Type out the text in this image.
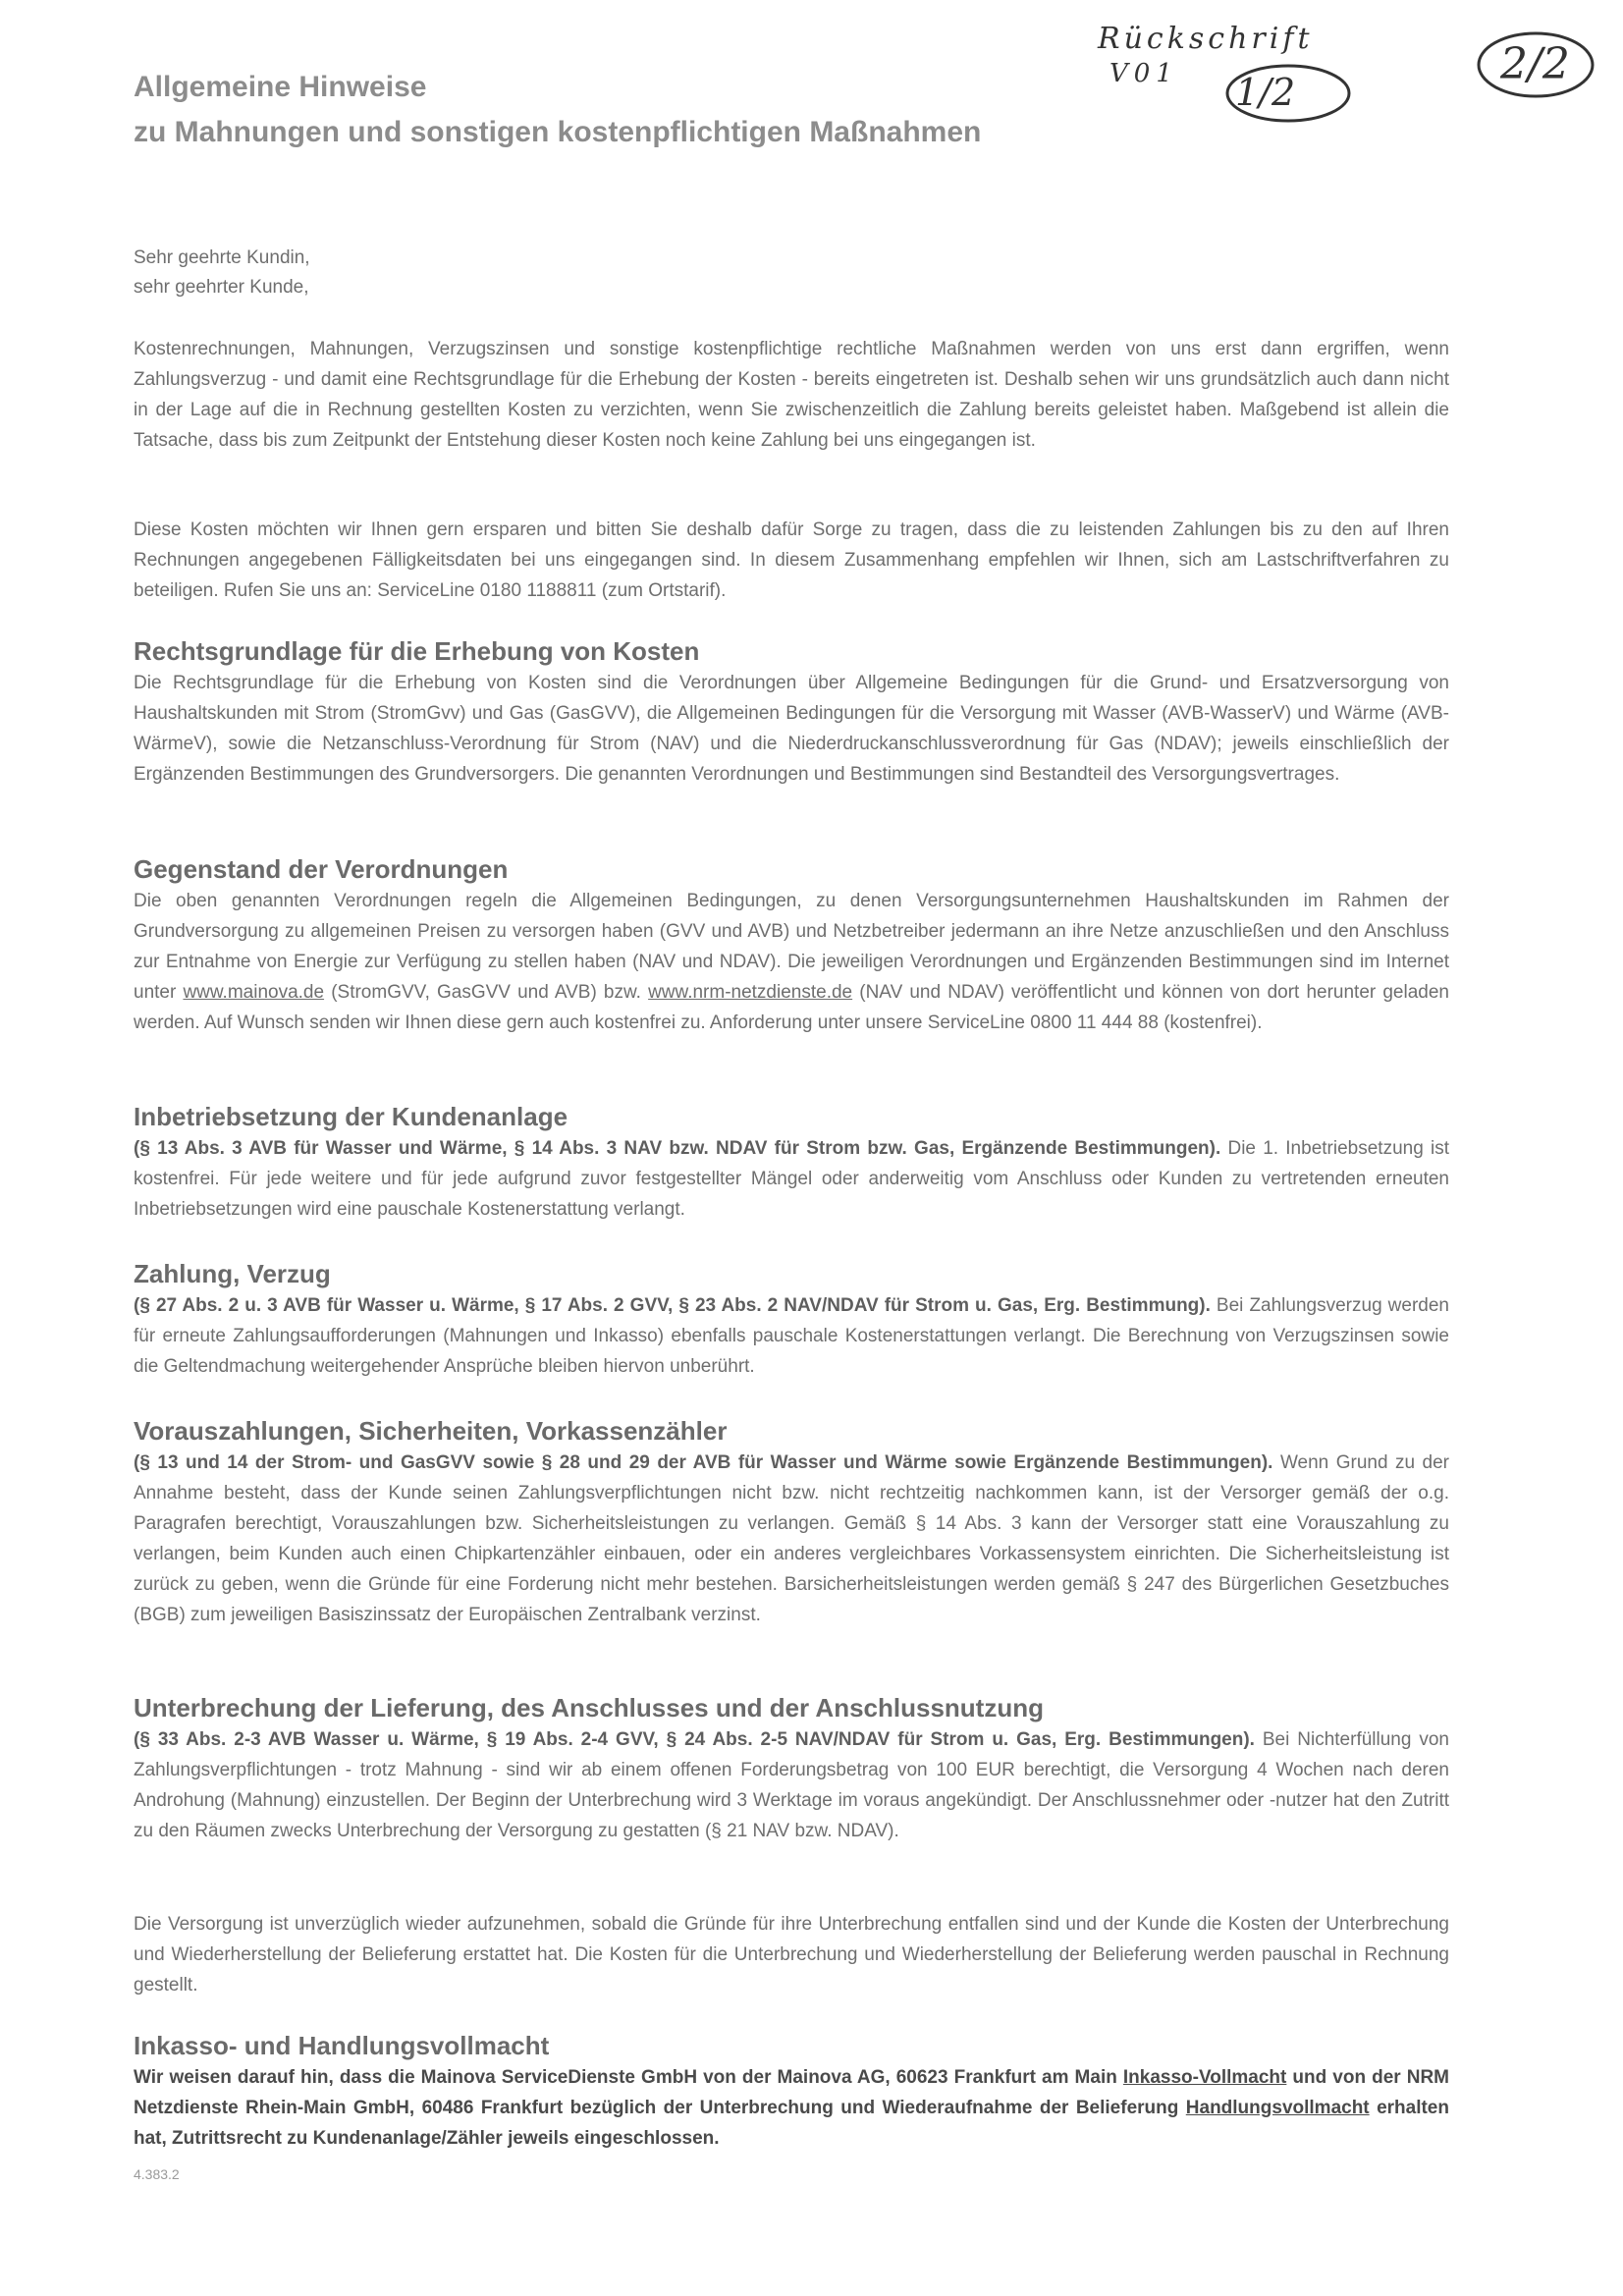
Allgemeine Hinweise
zu Mahnungen und sonstigen kostenpflichtigen Maßnahmen
Rückschrift
V01 1/2
2/2
Sehr geehrte Kundin,
sehr geehrter Kunde,
Kostenrechnungen, Mahnungen, Verzugszinsen und sonstige kostenpflichtige rechtliche Maßnahmen werden von uns erst dann ergriffen, wenn Zahlungsverzug - und damit eine Rechtsgrundlage für die Erhebung der Kosten - bereits eingetreten ist. Deshalb sehen wir uns grundsätzlich auch dann nicht in der Lage auf die in Rechnung gestellten Kosten zu verzichten, wenn Sie zwischenzeitlich die Zahlung bereits geleistet haben. Maßgebend ist allein die Tatsache, dass bis zum Zeitpunkt der Entstehung dieser Kosten noch keine Zahlung bei uns eingegangen ist.
Diese Kosten möchten wir Ihnen gern ersparen und bitten Sie deshalb dafür Sorge zu tragen, dass die zu leistenden Zahlungen bis zu den auf Ihren Rechnungen angegebenen Fälligkeitsdaten bei uns eingegangen sind. In diesem Zusammenhang empfehlen wir Ihnen, sich am Lastschriftverfahren zu beteiligen. Rufen Sie uns an: ServiceLine 0180 1188811 (zum Ortstarif).
Rechtsgrundlage für die Erhebung von Kosten

Die Rechtsgrundlage für die Erhebung von Kosten sind die Verordnungen über Allgemeine Bedingungen für die Grund- und Ersatzversorgung von Haushaltskunden mit Strom (StromGvv) und Gas (GasGVV), die Allgemeinen Bedingungen für die Versorgung mit Wasser (AVB-WasserV) und Wärme (AVB-WärmeV), sowie die Netzanschluss-Verordnung für Strom (NAV) und die Niederdruckanschlussverordnung für Gas (NDAV); jeweils einschließlich der Ergänzenden Bestimmungen des Grundversorgers. Die genannten Verordnungen und Bestimmungen sind Bestandteil des Versorgungsvertrages.

Gegenstand der Verordnungen

Die oben genannten Verordnungen regeln die Allgemeinen Bedingungen, zu denen Versorgungsunternehmen Haushaltskunden im Rahmen der Grundversorgung zu allgemeinen Preisen zu versorgen haben (GVV und AVB) und Netzbetreiber jedermann an ihre Netze anzuschließen und den Anschluss zur Entnahme von Energie zur Verfügung zu stellen haben (NAV und NDAV). Die jeweiligen Verordnungen und Ergänzenden Bestimmungen sind im Internet unter www.mainova.de (StromGVV, GasGVV und AVB) bzw. www.nrm-netzdienste.de (NAV und NDAV) veröffentlicht und können von dort herunter geladen werden. Auf Wunsch senden wir Ihnen diese gern auch kostenfrei zu. Anforderung unter unsere ServiceLine 0800 11 444 88 (kostenfrei).

Inbetriebsetzung der Kundenanlage

(§ 13 Abs. 3 AVB für Wasser und Wärme, § 14 Abs. 3 NAV bzw. NDAV für Strom bzw. Gas, Ergänzende Bestimmungen). Die 1. Inbetriebsetzung ist kostenfrei. Für jede weitere und für jede aufgrund zuvor festgestellter Mängel oder anderweitig vom Anschluss oder Kunden zu vertretenden erneuten Inbetriebsetzungen wird eine pauschale Kostenerstattung verlangt.

Zahlung, Verzug

(§ 27 Abs. 2 u. 3 AVB für Wasser u. Wärme, § 17 Abs. 2 GVV, § 23 Abs. 2 NAV/NDAV für Strom u. Gas, Erg. Bestimmung). Bei Zahlungsverzug werden für erneute Zahlungsaufforderungen (Mahnungen und Inkasso) ebenfalls pauschale Kostenerstattungen verlangt. Die Berechnung von Verzugszinsen sowie die Geltendmachung weitergehender Ansprüche bleiben hiervon unberührt.

Vorauszahlungen, Sicherheiten, Vorkassenzähler

(§ 13 und 14 der Strom- und GasGVV sowie § 28 und 29 der AVB für Wasser und Wärme sowie Ergänzende Bestimmungen). Wenn Grund zu der Annahme besteht, dass der Kunde seinen Zahlungsverpflichtungen nicht bzw. nicht rechtzeitig nachkommen kann, ist der Versorger gemäß der o.g. Paragrafen berechtigt, Vorauszahlungen bzw. Sicherheitsleistungen zu verlangen. Gemäß § 14 Abs. 3 kann der Versorger statt eine Vorauszahlung zu verlangen, beim Kunden auch einen Chipkartenzähler einbauen, oder ein anderes vergleichbares Vorkassensystem einrichten. Die Sicherheitsleistung ist zurück zu geben, wenn die Gründe für eine Forderung nicht mehr bestehen. Barsicherheitsleistungen werden gemäß § 247 des Bürgerlichen Gesetzbuches (BGB) zum jeweiligen Basiszinssatz der Europäischen Zentralbank verzinst.

Unterbrechung der Lieferung, des Anschlusses und der Anschlussnutzung

(§ 33 Abs. 2-3 AVB Wasser u. Wärme, § 19 Abs. 2-4 GVV, § 24 Abs. 2-5 NAV/NDAV für Strom u. Gas, Erg. Bestimmungen). Bei Nichterfüllung von Zahlungsverpflichtungen - trotz Mahnung - sind wir ab einem offenen Forderungsbetrag von 100 EUR berechtigt, die Versorgung 4 Wochen nach deren Androhung (Mahnung) einzustellen. Der Beginn der Unterbrechung wird 3 Werktage im voraus angekündigt. Der Anschlussnehmer oder -nutzer hat den Zutritt zu den Räumen zwecks Unterbrechung der Versorgung zu gestatten (§ 21 NAV bzw. NDAV).

Die Versorgung ist unverzüglich wieder aufzunehmen, sobald die Gründe für ihre Unterbrechung entfallen sind und der Kunde die Kosten der Unterbrechung und Wiederherstellung der Belieferung erstattet hat. Die Kosten für die Unterbrechung und Wiederherstellung der Belieferung werden pauschal in Rechnung gestellt.
Inkasso- und Handlungsvollmacht

Wir weisen darauf hin, dass die Mainova ServiceDienste GmbH von der Mainova AG, 60623 Frankfurt am Main Inkasso-Vollmacht und von der NRM Netzdienste Rhein-Main GmbH, 60486 Frankfurt bezüglich der Unterbrechung und Wiederaufnahme der Belieferung Handlungsvollmacht erhalten hat, Zutrittsrecht zu Kundenanlage/Zähler jeweils eingeschlossen.

4.383.2
